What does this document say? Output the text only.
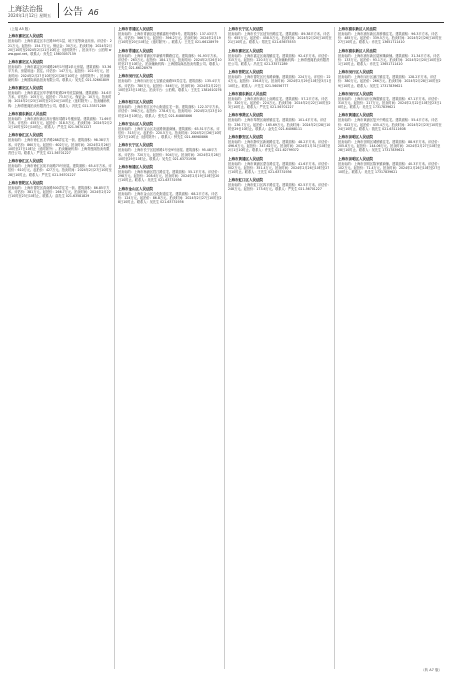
上海法治报
2024年1月12日 星期五 公告 A6
（上接 A5 版）
上海市嘉定区人民法院
拍卖标的：上海市嘉定区丰庄路59号1层、地下室等商业用房。评估价：221万元。起拍价：154.7万元。保证金：30万元。拍卖时间：2024年2月20日10时至2024年2月21日10时止（延时除外）。拍卖平台：公拍网 www.gpai.net。联系人：乔先生 15603057159
上海市嘉定区人民法院
拍卖标的：上海市嘉定区叶城路26号1号楼1单元房屋。建筑面积：53.36平方米，房屋用途：居住。评估价：147万元。起拍价：102.9万元。拍卖时间：2024年2月27日10时至2月28日10时止（延时除外）。拍卖辅助机构：上海国际商品拍卖有限公司。联系人：吴先生 021-52661809
上海市嘉定区人民法院
拍卖标的：上海市嘉定区华亭镇华旺路29号底层商铺。建筑面积：34.6平方米。评估价：105万元。起拍价：73.5万元。保证金：10万元。拍卖时间：2024年2月23日10时至2月24日10时止（延时除外）。拍卖辅助机构：上海青莲阁拍卖有限责任公司。联系人：冯先生 021-33571289
上海市浦东新区人民法院
拍卖标的：上海市浦东新区高行镇东靖路1号楼房屋。建筑面积：71.69平方米。评估价：455万元。起拍价：318.5万元。拍卖时间：2024年2月21日10时至22日10时止。联系人：严先生 021-56701227
上海市徐汇区人民法院
拍卖标的：上海市徐汇区龙华路288弄住宅一套。建筑面积：98.38平方米。评估价：860万元。起拍价：602万元。拍卖时间：2024年2月26日10时至27日10时止（延时除外）。拍卖辅助机构：上海青莲阁拍卖有限责任公司。联系人：严先生 021-56701227
上海市徐汇区人民法院
拍卖标的：上海市徐汇区宛平南路75号房屋。建筑面积：65.4平方米。评估价：610万元。起拍价：427万元。拍卖时间：2024年2月27日10时至28日10时止。联系人：严先生 021-56701227
上海市普陀区人民法院
拍卖标的：上海市普陀区真南路500弄住宅一套。建筑面积：86.85平方米。评估价：381万元。起拍价：266.7万元。拍卖时间：2024年2月22日10时至23日10时止。联系人：邵先生 021-63581829
上海市青浦区人民法院
拍卖标的：上海市青浦区赵巷镇嘉松中路5号。建筑面积：137.43平方米。评估价：566万元。起拍价：396.2万元。拍卖时间：2024年2月19日10时至20日10时止（延时除外）。联系人：王先生 021-66128979
上海市青浦区人民法院
拍卖标的：上海市青浦区华新镇华腾路住宅。建筑面积：91.93平方米。评估价：263万元。起拍价：184.1万元。拍卖时间：2024年2月26日10时至27日10时止。拍卖辅助机构：上海国际商品拍卖有限公司。联系人：王先生 021-66128979
上海市闵行区人民法院
拍卖标的：上海市闵行区七宝镇农南路55弄住宅。建筑面积：135.4平方米。评估价：780万元。起拍价：546万元。拍卖时间：2024年2月22日10时至23日10时止。拍卖平台：公拍网。联系人：王先生 13816102762
上海市松江区人民法院
拍卖标的：上海市松江区中山街道住宅一套。建筑面积：122.37平方米。评估价：398万元。起拍价：278.6万元。拍卖时间：2024年2月23日10时至24日10时止。联系人：张先生 021-64885866
上海市宝山区人民法院
拍卖标的：上海市宝山区友谊路街道商铺。建筑面积：63.51平方米。评估价：315万元。起拍价：220.5万元。拍卖时间：2024年2月26日10时至27日10时止（延时除外）。联系人：钟先生 021-66980866
上海市长宁区人民法院
拍卖标的：上海市长宁区虹桥路1号至9号房屋。建筑面积：95.48平方米。评估价：720万元。起拍价：504万元。拍卖时间：2024年2月28日10时至29日10时止。联系人：吴先生 021-63731936
上海市杨浦区人民法院
拍卖标的：上海市杨浦区控江路住宅。建筑面积：55.1平方米。评估价：298万元。起拍价：208.6万元。拍卖时间：2024年2月19日10时至20日10时止。联系人：吴先生 021-63731936
上海市金山区人民法院
拍卖标的：上海市金山区石化街道住宅。建筑面积：68.2平方米。评估价：124万元。起拍价：86.8万元。拍卖时间：2024年2月27日10时至28日10时止。联系人：吴先生 021-63731936
上海市长宁区人民法院
拍卖标的：上海市长宁区延安西路住宅。建筑面积：89.38平方米。评估价：655万元。起拍价：458.5万元。拍卖时间：2024年2月20日10时至21日10时止。联系人：郑先生 021-63675553
上海市嘉定区人民法院
拍卖标的：上海市嘉定区南翔镇住宅。建筑面积：92.4平方米。评估价：315万元。起拍价：220.5万元。拍卖辅助机构：上海青莲阁拍卖有限责任公司。联系人：冯先生 021-33571289
上海市普陀区人民法院
拍卖标的：上海市普陀区长寿路商铺。建筑面积：224万元。评估价：224万元。起拍价：156.8万元。拍卖时间：2024年2月29日10时至3月1日10时止。联系人：卢先生 021-56056777
上海市浦东新区人民法院
拍卖标的：上海市浦东新区上南路住宅。建筑面积：57.2平方米。评估价：320万元。起拍价：224万元。拍卖时间：2024年2月22日10时至23日10时止。联系人：严先生 021-56701227
上海市奉贤区人民法院
拍卖标的：上海市奉贤区南桥镇住宅。建筑面积：101.4平方米。评估价：236.7万元。起拍价：165.69万元。拍卖时间：2024年2月28日10时至29日10时止。联系人：金先生 021-64068111
上海市静安区人民法院
拍卖标的：上海市静安区新闸路住宅。建筑面积：48.2平方米。评估价：496.6万元。起拍价：347.62万元。拍卖时间：2024年1月31日10时至2月1日10时止。联系人：许先生 021-62799372
上海市黄浦区人民法院
拍卖标的：上海市黄浦区蒙自路住宅。建筑面积：41.6平方米。评估价：502万元。起拍价：351.4万元。拍卖时间：2024年2月26日10时至27日10时止。联系人：王先生 021-63731936
上海市虹口区人民法院
拍卖标的：上海市虹口区四平路住宅。建筑面积：62.5平方米。评估价：248万元。起拍价：173.6万元。联系人：严先生 021-56701227
上海市浦东新区人民法院
拍卖标的：上海市浦东新区高桥镇住宅。建筑面积：96.3平方米。评估价：485万元。起拍价：339.5万元。拍卖时间：2024年2月26日10时至27日10时止。联系人：乔先生 13651711410
上海市浦东新区人民法院
拍卖标的：上海市浦东新区陆家嘴商铺。建筑面积：31.34平方米。评估价：133万元。起拍价：93.1万元。拍卖时间：2024年2月20日10时至21日10时止。联系人：乔先生 13651711410
上海市闵行区人民法院
拍卖标的：上海市闵行区浦江镇住宅。建筑面积：128.2平方米。评估价：380万元。起拍价：266万元。拍卖时间：2024年2月28日10时至29日10时止。联系人：吴先生 17317839621
上海市闵行区人民法院
拍卖标的：上海市闵行区梅陇镇住宅。建筑面积：67.1平方米。评估价：310万元。起拍价：217万元。拍卖时间：2024年2月22日10时至23日10时止。联系人：吴先生 17317839621
上海市黄浦区人民法院
拍卖标的：上海市黄浦区复兴中路住宅。建筑面积：55.4平方米。评估价：622万元。起拍价：435.4万元。拍卖时间：2024年2月23日10时至24日10时止。联系人：钱先生 021-63111608
上海市崇明区人民法院
拍卖标的：上海市崇明区城桥镇住宅。建筑面积：88.9平方米。评估价：205.8万元。起拍价：144.06万元。拍卖时间：2024年2月27日10时至28日10时止。联系人：吴先生 17317839621
上海市崇明区人民法院
拍卖标的：上海市崇明区陈家镇商铺。建筑面积：40.3平方米。评估价：102万元。起拍价：71.4万元。拍卖时间：2024年2月26日10时至27日10时止。联系人：吴先生 17317839621
（转 A7 版）
